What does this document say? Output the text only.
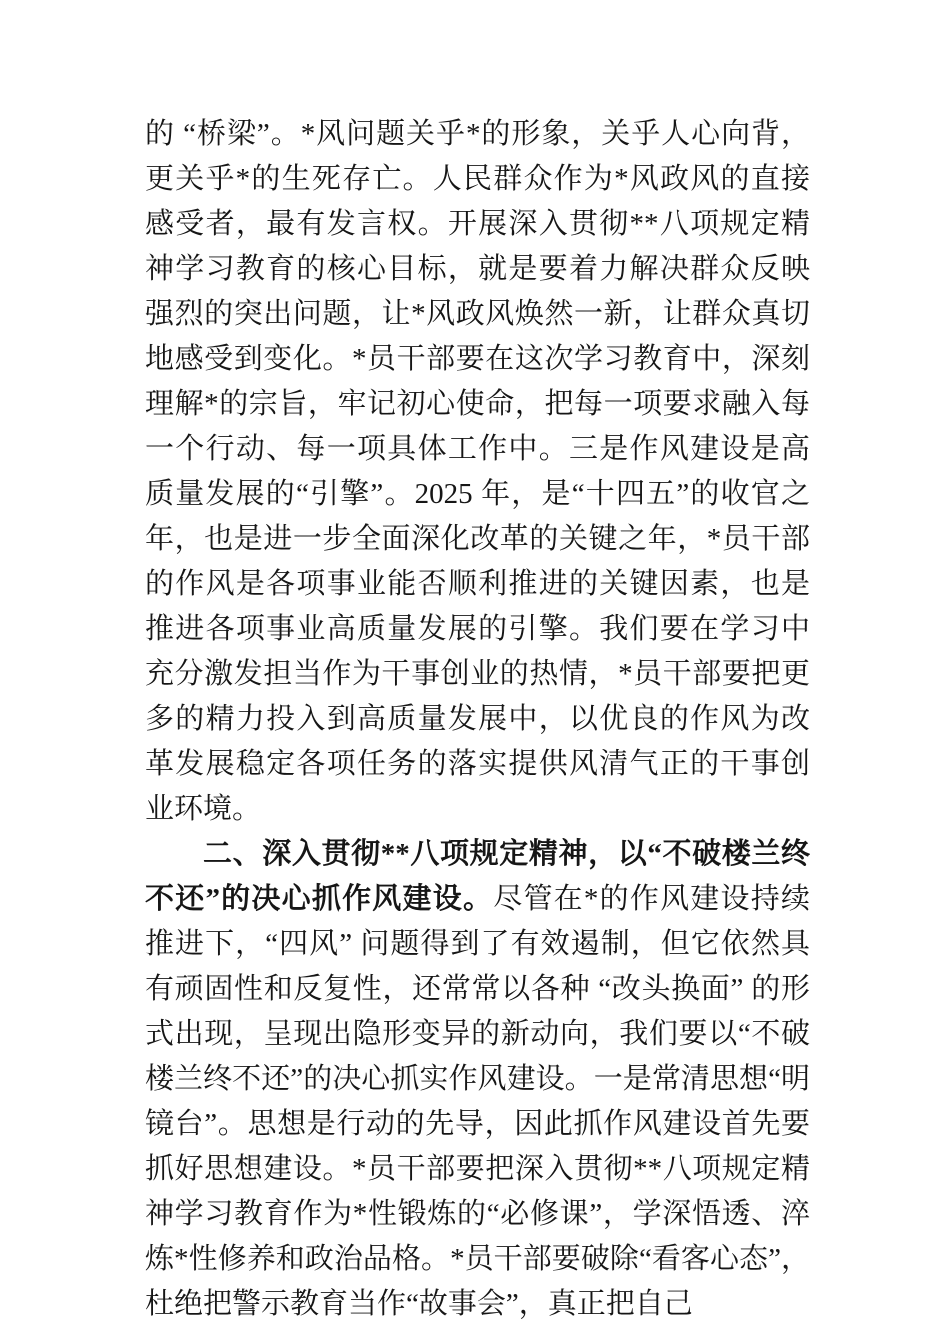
的 “桥梁”。*风问题关乎*的形象，关乎人心向背，更关乎*的生死存亡。人民群众作为*风政风的直接感受者，最有发言权。开展深入贯彻**八项规定精神学习教育的核心目标，就是要着力解决群众反映强烈的突出问题，让*风政风焕然一新，让群众真切地感受到变化。*员干部要在这次学习教育中，深刻理解*的宗旨，牢记初心使命，把每一项要求融入每一个行动、每一项具体工作中。三是作风建设是高质量发展的“引擎”。2025 年，是“十四五”的收官之年，也是进一步全面深化改革的关键之年，*员干部的作风是各项事业能否顺利推进的关键因素，也是推进各项事业高质量发展的引擎。我们要在学习中充分激发担当作为干事创业的热情，*员干部要把更多的精力投入到高质量发展中，以优良的作风为改革发展稳定各项任务的落实提供风清气正的干事创业环境。

二、深入贯彻**八项规定精神，以“不破楼兰终不还”的决心抓作风建设。尽管在*的作风建设持续推进下，“四风” 问题得到了有效遏制，但它依然具有顽固性和反复性，还常常以各种 “改头换面” 的形式出现，呈现出隐形变异的新动向，我们要以“不破楼兰终不还”的决心抓实作风建设。一是常清思想“明镜台”。思想是行动的先导，因此抓作风建设首先要抓好思想建设。*员干部要把深入贯彻**八项规定精神学习教育作为*性锻炼的“必修课”，学深悟透、淬炼*性修养和政治品格。*员干部要破除“看客心态”，杜绝把警示教育当作“故事会”，真正把自己
